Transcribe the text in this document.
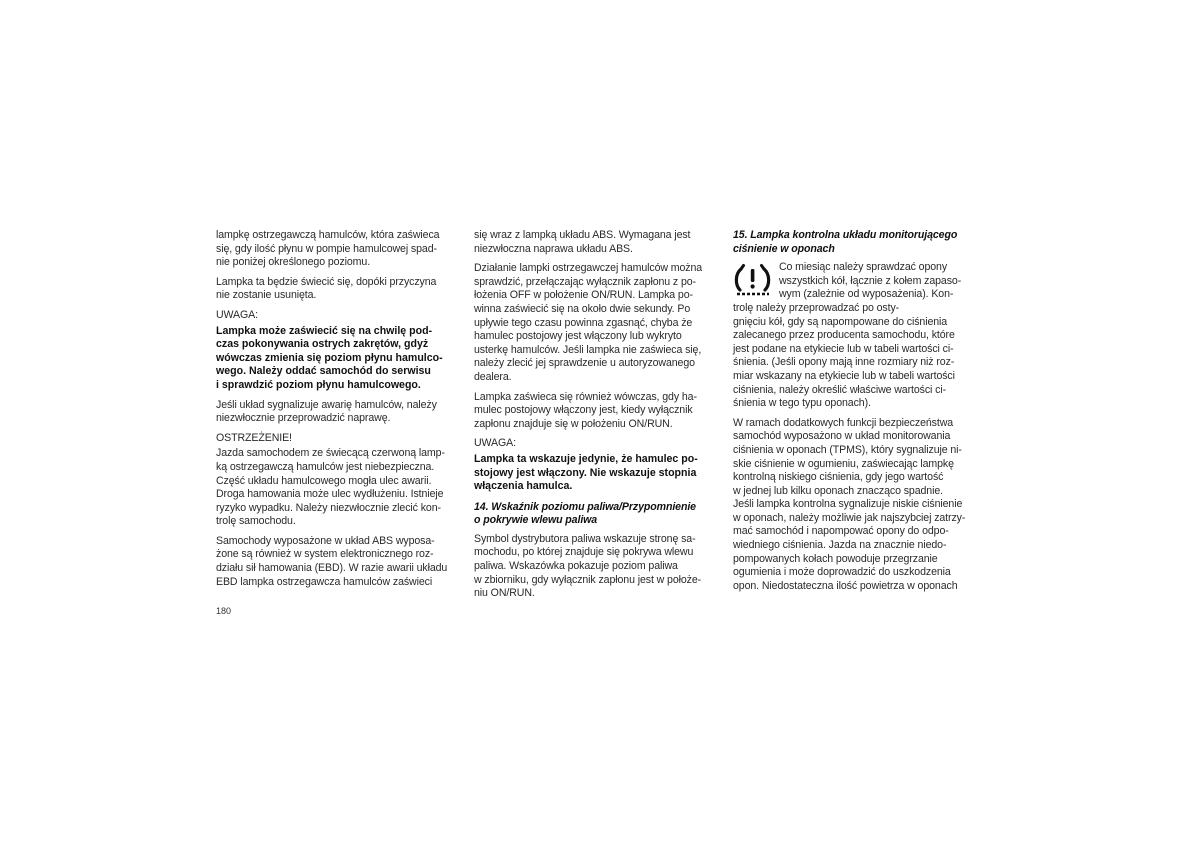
lampkę ostrzegawczą hamulców, która zaświeca
się, gdy ilość płynu w pompie hamulcowej spad-
nie poniżej określonego poziomu.

Lampka ta będzie świecić się, dopóki przyczyna
nie zostanie usunięta.

UWAGA:

Lampka może zaświecić się na chwilę pod-
czas pokonywania ostrych zakrętów, gdyż
wówczas zmienia się poziom płynu hamulco-
wego. Należy oddać samochód do serwisu
i sprawdzić poziom płynu hamulcowego.

Jeśli układ sygnalizuje awarię hamulców, należy
niezwłocznie przeprowadzić naprawę.

OSTRZEŻENIE!

Jazda samochodem ze świecącą czerwoną lamp-
ką ostrzegawczą hamulców jest niebezpieczna.
Część układu hamulcowego mogła ulec awarii.
Droga hamowania może ulec wydłużeniu. Istnieje
ryzyko wypadku. Należy niezwłocznie zlecić kon-
trolę samochodu.

Samochody wyposażone w układ ABS wyposa-
żone są również w system elektronicznego roz-
działu sił hamowania (EBD). W razie awarii układu
EBD lampka ostrzegawcza hamulców zaświeci

się wraz z lampką układu ABS. Wymagana jest
niezwłoczna naprawa układu ABS.

Działanie lampki ostrzegawczej hamulców można
sprawdzić, przełączając wyłącznik zapłonu z po-
łożenia OFF w położenie ON/RUN. Lampka po-
winna zaświecić się na około dwie sekundy. Po
upływie tego czasu powinna zgasnąć, chyba że
hamulec postojowy jest włączony lub wykryto
usterkę hamulców. Jeśli lampka nie zaświeca się,
należy zlecić jej sprawdzenie u autoryzowanego
dealera.

Lampka zaświeca się również wówczas, gdy ha-
mulec postojowy włączony jest, kiedy wyłącznik
zapłonu znajduje się w położeniu ON/RUN.

UWAGA:

Lampka ta wskazuje jedynie, że hamulec po-
stojowy jest włączony. Nie wskazuje stopnia
włączenia hamulca.

14. Wskaźnik poziomu paliwa/Przypomnienie
o pokrywie wlewu paliwa

Symbol dystrybutora paliwa wskazuje stronę sa-
mochodu, po której znajduje się pokrywa wlewu
paliwa. Wskazówka pokazuje poziom paliwa
w zbiorniku, gdy wyłącznik zapłonu jest w położe-
niu ON/RUN.

15. Lampka kontrolna układu monitorującego
ciśnienie w oponach

Co miesiąc należy sprawdzać opony
wszystkich kół, łącznie z kołem zapaso-
wym (zależnie od wyposażenia). Kon-
trolę należy przeprowadzać po osty-
gnięciu kół, gdy są napompowane do ciśnienia
zalecanego przez producenta samochodu, które
jest podane na etykiecie lub w tabeli wartości ci-
śnienia. (Jeśli opony mają inne rozmiary niż roz-
miar wskazany na etykiecie lub w tabeli wartości
ciśnienia, należy określić właściwe wartości ci-
śnienia w tego typu oponach).

W ramach dodatkowych funkcji bezpieczeństwa
samochód wyposażono w układ monitorowania
ciśnienia w oponach (TPMS), który sygnalizuje ni-
skie ciśnienie w ogumieniu, zaświecając lampkę
kontrolną niskiego ciśnienia, gdy jego wartość
w jednej lub kilku oponach znacząco spadnie.
Jeśli lampka kontrolna sygnalizuje niskie ciśnienie
w oponach, należy możliwie jak najszybciej zatrzy-
mać samochód i napompować opony do odpo-
wiedniego ciśnienia. Jazda na znacznie niedo-
pompowanych kołach powoduje przegrzanie
ogumienia i może doprowadzić do uszkodzenia
opon. Niedostateczna ilość powietrza w oponach

180
